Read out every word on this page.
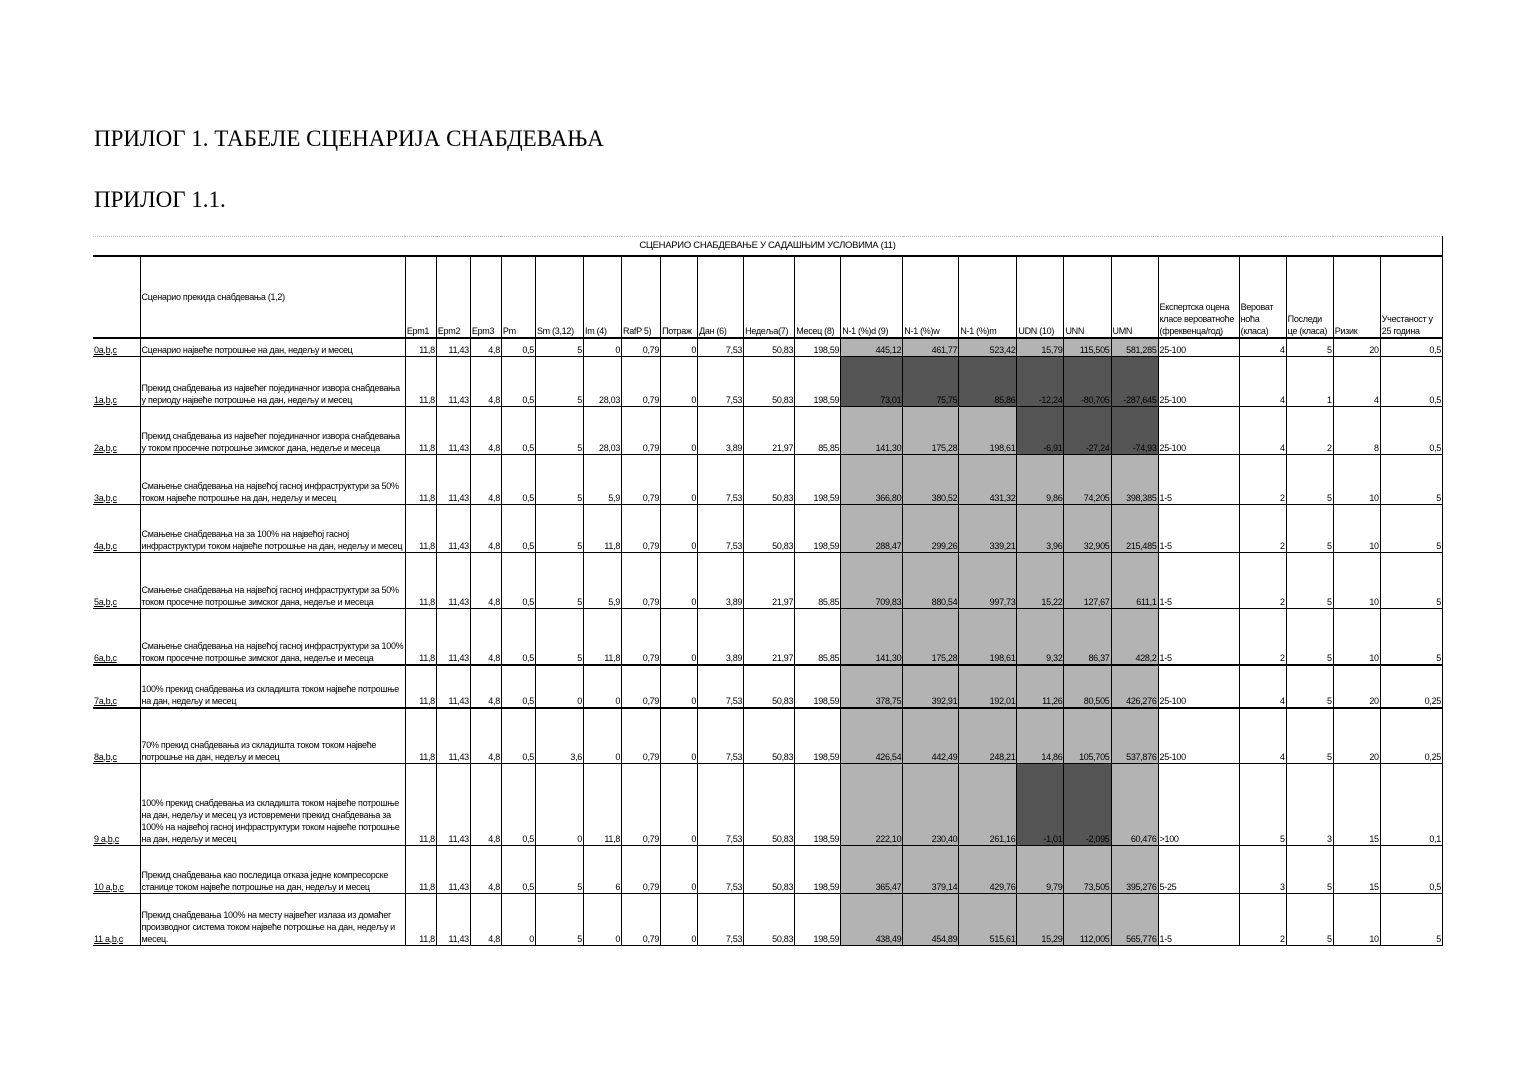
ПРИЛОГ 1. ТАБЕЛЕ СЦЕНАРИЈА СНАБДЕВАЊА
ПРИЛОГ 1.1.
СЦЕНАРИО СНАБДЕВАЊЕ У САДАШЊИМ УСЛОВИМА (11)																							
	Сценарио прекида снабдевања (1,2)	Epm1	Epm2	Epm3	Pm	Sm (3,12)	Im (4)	RafP 5)	Потраж	Дан (6)	Недеља(7)	Месец (8)	N-1 (%)d (9)	N-1 (%)w	N-1 (%)m	UDN (10)	UNN	UMN	Експертска оцена класе вероватноће (фреквенца/год)	Вероват ноћа (класа)	Последи це (класа)	Ризик	Учестаност у 25 година
0a,b,c	Сценарио највеће потрошње на дан, недељу и месец	11,8	11,43	4,8	0,5	5	0	0,79	0	7,53	50,83	198,59	445,12	461,77	523,42	15,79	115,505	581,285	25-100	4	5	20	0,5
1a,b,c	Прекид снабдевања из највећег појединачног извора снабдевања у периоду највеће потрошње на дан, недељу и месец	11,8	11,43	4,8	0,5	5	28,03	0,79	0	7,53	50,83	198,59	73,01	75,75	85,86	-12,24	-80,705	-287,645	25-100	4	1	4	0,5
2a,b,c	Прекид снабдевања из највећег појединачног извора снабдевања у током просечне потрошње зимског дана, недеље и месеца	11,8	11,43	4,8	0,5	5	28,03	0,79	0	3,89	21,97	85,85	141,30	175,28	198,61	-6,91	-27,24	-74,93	25-100	4	2	8	0,5
3a,b,c	Смањење снабдевања на највећој гасној инфраструктури за 50% током највеће потрошње на дан, недељу и месец	11,8	11,43	4,8	0,5	5	5,9	0,79	0	7,53	50,83	198,59	366,80	380,52	431,32	9,86	74,205	398,385	1-5	2	5	10	5
4a,b,c	Смањење снабдевања на за 100% на највећој гасној инфраструктури током највеће потрошње на дан, недељу и месец	11,8	11,43	4,8	0,5	5	11,8	0,79	0	7,53	50,83	198,59	288,47	299,26	339,21	3,96	32,905	215,485	1-5	2	5	10	5
5a,b,c	Смањење снабдевања на највећој гасној инфраструктури за 50% током просечне потрошње зимског дана, недеље и месеца	11,8	11,43	4,8	0,5	5	5,9	0,79	0	3,89	21,97	85,85	709,83	880,54	997,73	15,22	127,67	611,1	1-5	2	5	10	5
6a,b,c	Смањење снабдевања на највећој гасној инфраструктури за 100% током просечне потрошње зимског дана, недеље и месеца	11,8	11,43	4,8	0,5	5	11,8	0,79	0	3,89	21,97	85,85	141,30	175,28	198,61	9,32	86,37	428,2	1-5	2	5	10	5
7a,b,c	100% прекид снабдевања из складишта током највеће потрошње на дан, недељу и месец	11,8	11,43	4,8	0,5	0	0	0,79	0	7,53	50,83	198,59	378,75	392,91	192,01	11,26	80,505	426,276	25-100	4	5	20	0,25
8a,b,c	70% прекид снабдевања из складишта током током највеће потрошње на дан, недељу и месец	11,8	11,43	4,8	0,5	3,6	0	0,79	0	7,53	50,83	198,59	426,54	442,49	248,21	14,86	105,705	537,876	25-100	4	5	20	0,25
9 a,b,c	100% прекид снабдевања из складишта током највеће потрошње на дан, недељу и месец уз истовремени прекид снабдевања за 100% на највећој гасној инфраструктури током највеће потрошње на дан, недељу и месец	11,8	11,43	4,8	0,5	0	11,8	0,79	0	7,53	50,83	198,59	222,10	230,40	261,16	-1,01	-2,095	60,476	>100	5	3	15	0,1
10 a,b,c	Прекид снабдевања као последица отказа једне компресорске станице током највеће потрошње на дан, недељу и месец	11,8	11,43	4,8	0,5	5	6	0,79	0	7,53	50,83	198,59	365,47	379,14	429,76	9,79	73,505	395,276	5-25	3	5	15	0,5
11 a,b,c	Прекид снабдевања 100% на месту највећег излаза из домаћег производног система током највеће потрошње на дан, недељу и месец.	11,8	11,43	4,8	0	5	0	0,79	0	7,53	50,83	198,59	438,49	454,89	515,61	15,29	112,005	565,776	1-5	2	5	10	5
